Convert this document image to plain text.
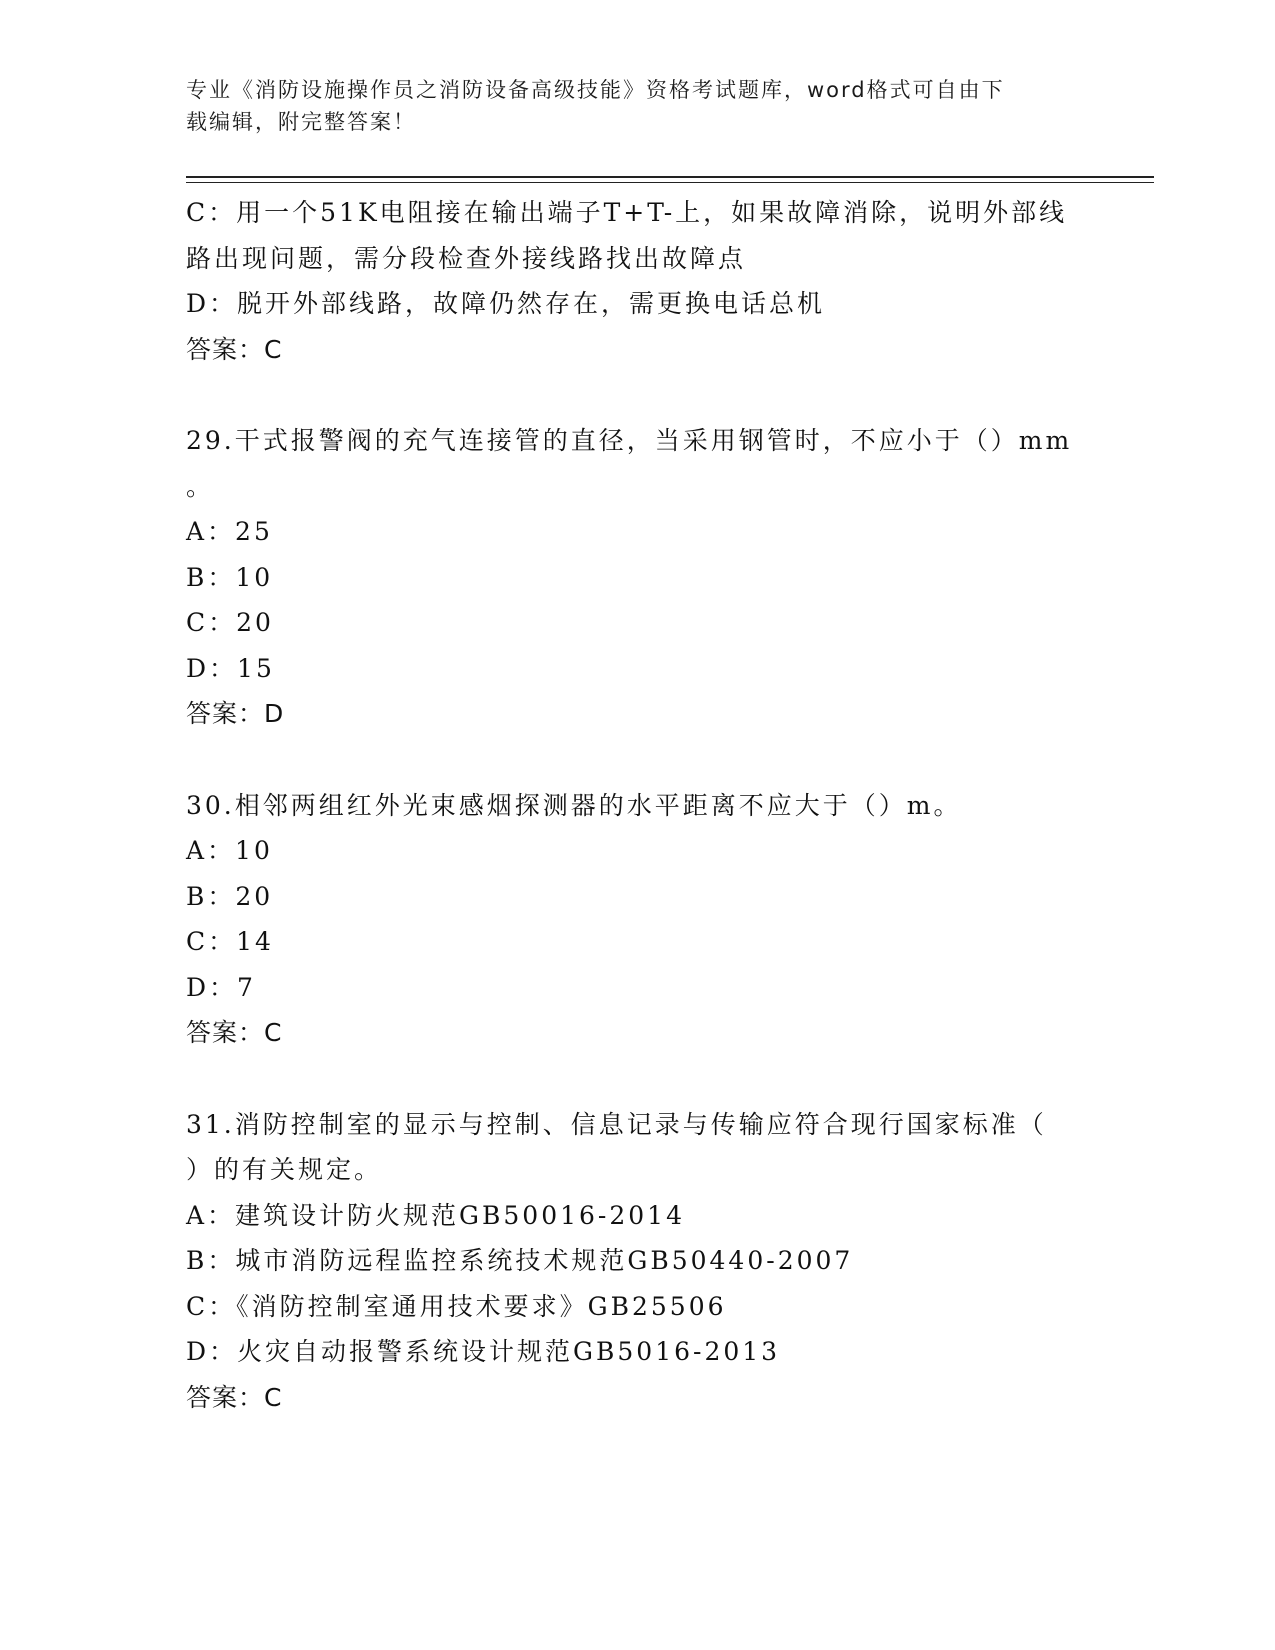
专业《消防设施操作员之消防设备高级技能》资格考试题库，word格式可自由下
载编辑，附完整答案！

C：用一个51K电阻接在输出端子T+T-上，如果故障消除，说明外部线

路出现问题，需分段检查外接线路找出故障点

D：脱开外部线路，故障仍然存在，需更换电话总机

答案：C

29.干式报警阀的充气连接管的直径，当采用钢管时，不应小于（）mm

。

A：25

B：10

C：20

D：15

答案：D

30.相邻两组红外光束感烟探测器的水平距离不应大于（）m。

A：10

B：20

C：14

D：7

答案：C

31.消防控制室的显示与控制、信息记录与传输应符合现行国家标准（

）的有关规定。

A：建筑设计防火规范GB50016-2014

B：城市消防远程监控系统技术规范GB50440-2007

C：《消防控制室通用技术要求》GB25506

D：火灾自动报警系统设计规范GB5016-2013

答案：C
